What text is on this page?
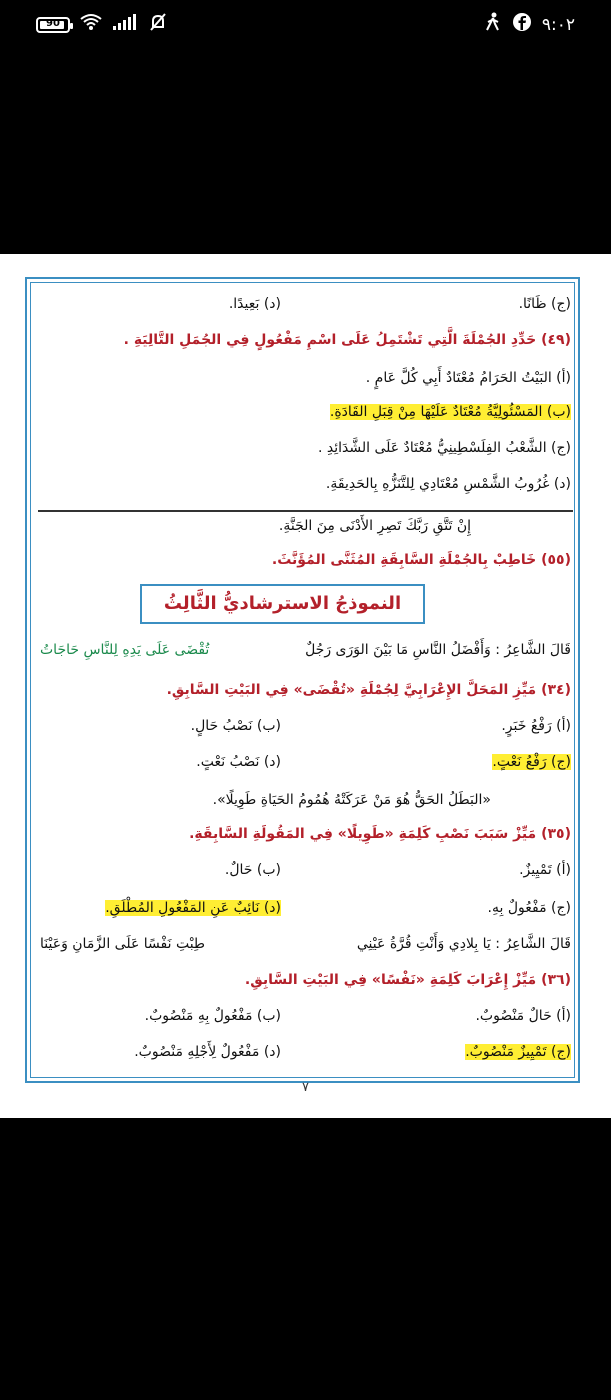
90	٩:٠٢
(ج) ظَانًا.
(د) بَعِيدًا.
(٤٩) حَدِّدِ الجُمْلَةَ الَّتِي تَشْتَمِلُ عَلَى اسْمِ مَفْعُولٍ فِي الجُمَلِ التَّالِيَةِ .
(أ) البَيْتُ الحَرَامُ مُعْتَادٌ أَبِي كُلَّ عَامٍ .
(ب) المَسْئُولِيَّةُ مُعْتَادٌ عَلَيْهَا مِنْ قِبَلِ القَادَةِ.
(ج) الشَّعْبُ الفِلَسْطِينِيُّ مُعْتَادٌ عَلَى الشَّدَائِدِ .
(د) غُرُوبُ الشَّمْسِ مُعْتَادِي لِلتَّنَزُّهِ بِالحَدِيقَةِ.
إِنْ تَتَّقِ رَبَّكَ تَصِرِ الأَدْنَى مِنَ الجَنَّةِ.
(٥٥) خَاطِبْ بِالجُمْلَةِ السَّابِقَةِ المُثَنَّى المُؤَنَّثَ.
النموذجُ الاسترشاديُّ الثَّالِثُ
قَالَ الشَّاعِرُ : وَأَفْضَلُ النَّاسِ مَا بَيْنَ الوَرَى رَجُلٌ
تُقْضَى عَلَى يَدِهِ لِلنَّاسِ حَاجَاتُ
(٣٤) مَيِّزِ المَحَلَّ الإِعْرَابِيَّ لِجُمْلَةِ «تُقْضَى» فِي البَيْتِ السَّابِقِ.
(أ) رَفْعُ خَبَرٍ.
(ب) نَصْبُ حَالٍ.
(ج) رَفْعُ نَعْتٍ.
(د) نَصْبُ نَعْتٍ.
«البَطَلُ الحَقُّ هُوَ مَنْ عَرَكَتْهُ هُمُومُ الحَيَاةِ طَوِيلًا».
(٣٥) مَيِّزْ سَبَبَ نَصْبِ كَلِمَةِ «طَوِيلًا» فِي المَقُولَةِ السَّابِقَةِ.
(أ) تَمْيِيزٌ.
(ب) حَالٌ.
(ج) مَفْعُولٌ بِهِ.
(د) نَائِبٌ عَنِ المَفْعُولِ المُطْلَقِ.
قَالَ الشَّاعِرُ : يَا بِلادِي وَأَنْتِ قُرَّةُ عَيْنِي
طِبْتِ نَفْسًا عَلَى الزَّمَانِ وَعَيْنَا
(٣٦) مَيِّزْ إِعْرَابَ كَلِمَةِ «نَفْسًا» فِي البَيْتِ السَّابِقِ.
(أ) حَالٌ مَنْصُوبٌ.
(ب) مَفْعُولٌ بِهِ مَنْصُوبٌ.
(ج) تَمْيِيزٌ مَنْصُوبٌ.
(د) مَفْعُولٌ لِأَجْلِهِ مَنْصُوبٌ.
٧
